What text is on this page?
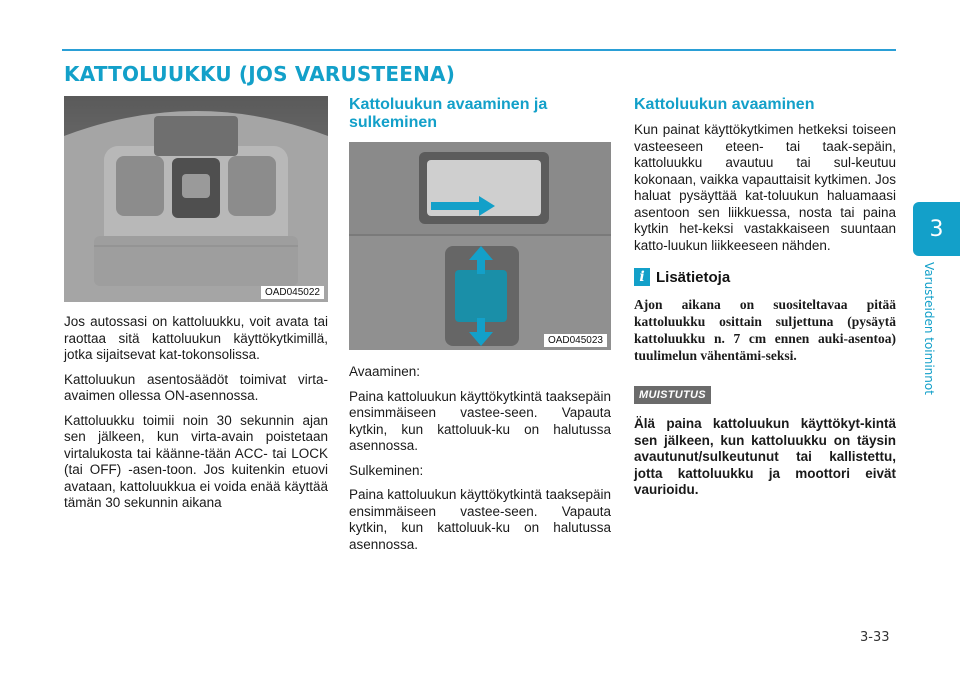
KATTOLUUKKU (JOS VARUSTEENA)
3
Varusteiden toiminnot
OAD045022

Jos autossasi on kattoluukku, voit avata tai raottaa sitä kattoluukun käyttökytkimillä, jotka sijaitsevat kat-tokonsolissa.

Kattoluukun asentosäädöt toimivat virta-avaimen ollessa ON-asennossa.

Kattoluukku toimii noin 30 sekunnin ajan sen jälkeen, kun virta-avain poistetaan virtalukosta tai käänne-tään ACC- tai LOCK (tai OFF) -asen-toon. Jos kuitenkin etuovi avataan, kattoluukkua ei voida enää käyttää tämän 30 sekunnin aikana

Kattoluukun avaaminen ja sulkeminen
OAD045023

Avaaminen:

Paina kattoluukun käyttökytkintä taaksepäin ensimmäiseen vastee-seen. Vapauta kytkin, kun kattoluuk-ku on halutussa asennossa.

Sulkeminen:

Paina kattoluukun käyttökytkintä taaksepäin ensimmäiseen vastee-seen. Vapauta kytkin, kun kattoluuk-ku on halutussa asennossa.

Kattoluukun avaaminen

Kun painat käyttökytkimen hetkeksi toiseen vasteeseen eteen- tai taak-sepäin, kattoluukku avautuu tai sul-keutuu kokonaan, vaikka vapauttaisit kytkimen. Jos haluat pysäyttää kat-toluukun haluamaasi asentoon sen liikkuessa, nosta tai paina kytkin het-keksi vastakkaiseen suuntaan katto-luukun liikkeeseen nähden.

i Lisätietoja

Ajon aikana on suositeltavaa pitää kattoluukku osittain suljettuna (pysäytä kattoluukku n. 7 cm ennen auki-asentoa) tuulimelun vähentämi-seksi.

MUISTUTUS

Älä paina kattoluukun käyttökyt-kintä sen jälkeen, kun kattoluukku on täysin avautunut/sulkeutunut tai kallistettu, jotta kattoluukku ja moottori eivät vaurioidu.

3-33
